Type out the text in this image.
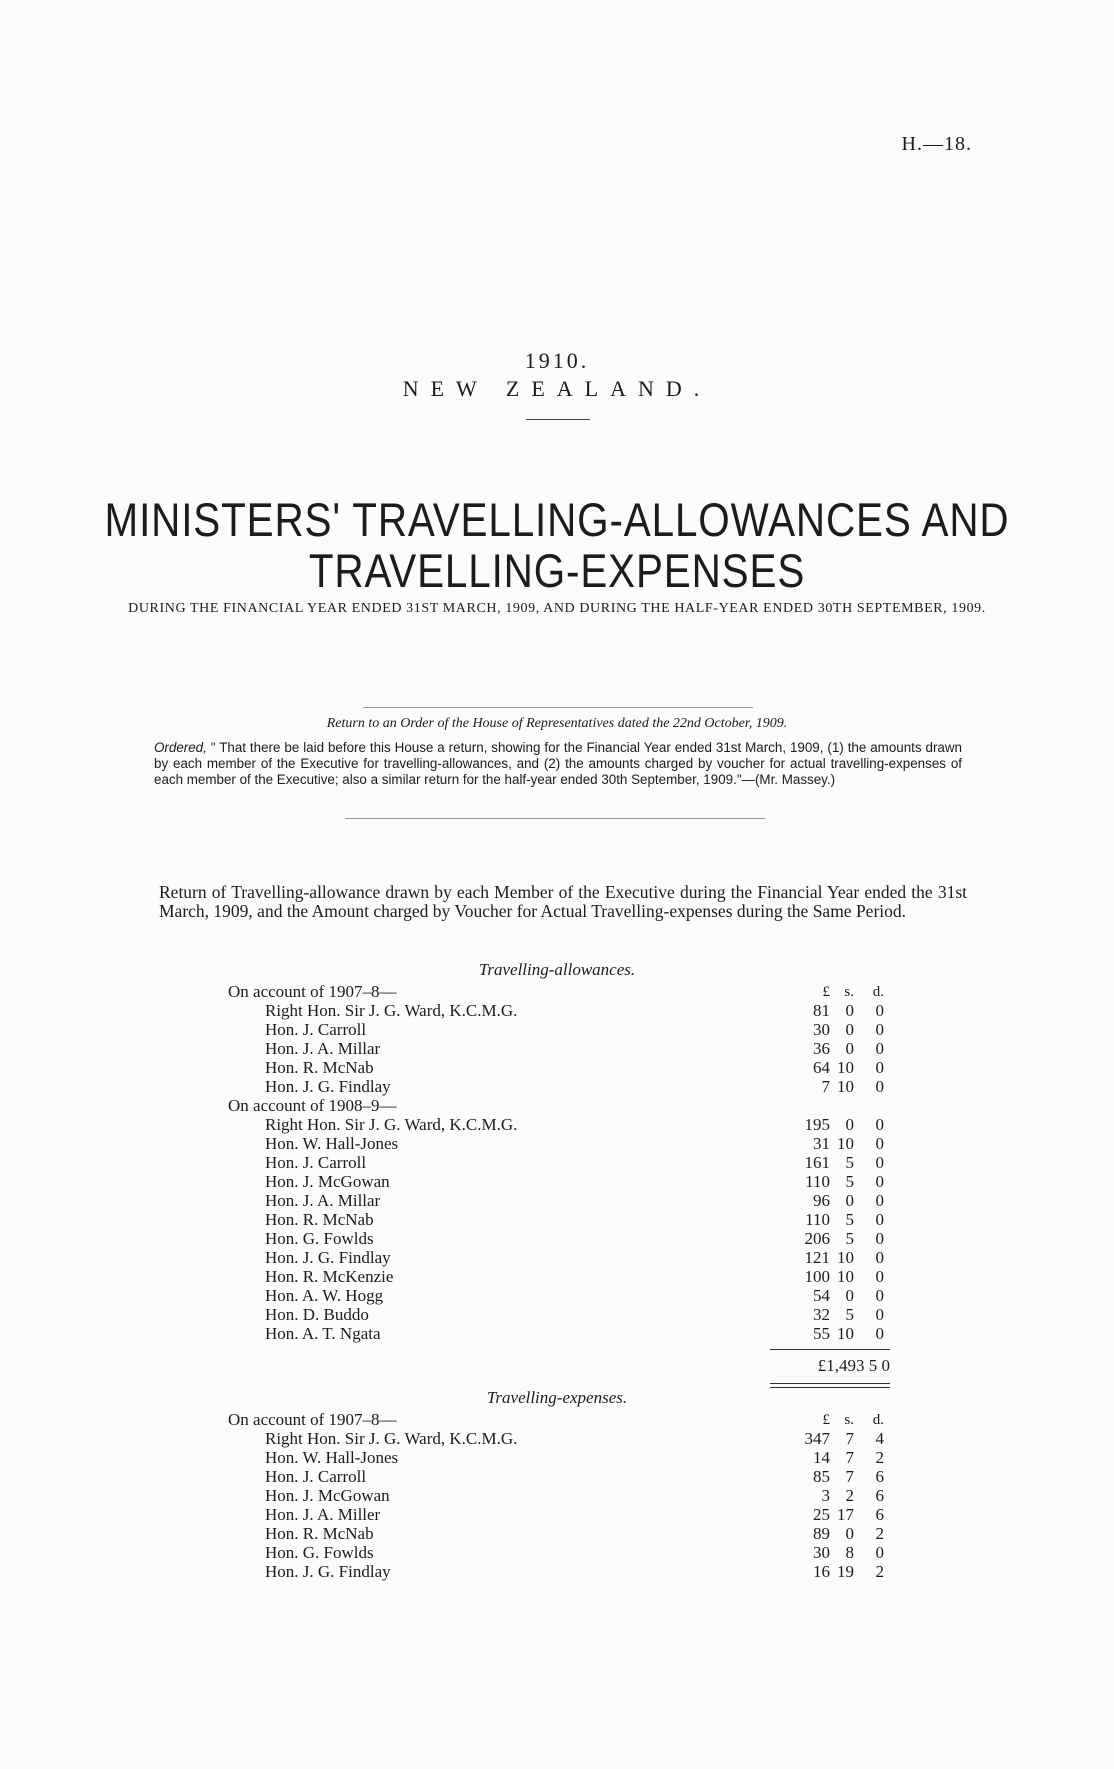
H.—18.
1910.
NEW ZEALAND.
MINISTERS' TRAVELLING-ALLOWANCES AND
TRAVELLING-EXPENSES
DURING THE FINANCIAL YEAR ENDED 31ST MARCH, 1909, AND DURING THE HALF-YEAR ENDED 30TH SEPTEMBER, 1909.
Return to an Order of the House of Representatives dated the 22nd October, 1909.
Ordered, " That there be laid before this House a return, showing for the Financial Year ended 31st March, 1909, (1) the amounts drawn by each member of the Executive for travelling-allowances, and (2) the amounts charged by voucher for actual travelling-expenses of each member of the Executive; also a similar return for the half-year ended 30th September, 1909."—(Mr. Massey.)
Return of Travelling-allowance drawn by each Member of the Executive during the Financial Year ended the 31st March, 1909, and the Amount charged by Voucher for Actual Travelling-expenses during the Same Period.
Travelling-allowances.
On account of 1907–8—	£ s.	d.
Right Hon. Sir J. G. Ward, K.C.M.G.	81 0	0
Hon. J. Carroll	30 0	0
Hon. J. A. Millar	36 0	0
Hon. R. McNab	64 10	0
Hon. J. G. Findlay	7 10	0
On account of 1908–9—
Right Hon. Sir J. G. Ward, K.C.M.G.	195 0	0
Hon. W. Hall-Jones	31 10	0
Hon. J. Carroll	161 5	0
Hon. J. McGowan	110 5	0
Hon. J. A. Millar	96 0	0
Hon. R. McNab	110 5	0
Hon. G. Fowlds	206 5	0
Hon. J. G. Findlay	121 10	0
Hon. R. McKenzie	100 10	0
Hon. A. W. Hogg	54 0	0
Hon. D. Buddo	32 5	0
Hon. A. T. Ngata	55 10	0
£1,493 5 0
Travelling-expenses.
On account of 1907–8—	£ s.	d.
Right Hon. Sir J. G. Ward, K.C.M.G.	347 7	4
Hon. W. Hall-Jones	14 7	2
Hon. J. Carroll	85 7	6
Hon. J. McGowan	3 2	6
Hon. J. A. Miller	25 17	6
Hon. R. McNab	89 0	2
Hon. G. Fowlds	30 8	0
Hon. J. G. Findlay	16 19	2
